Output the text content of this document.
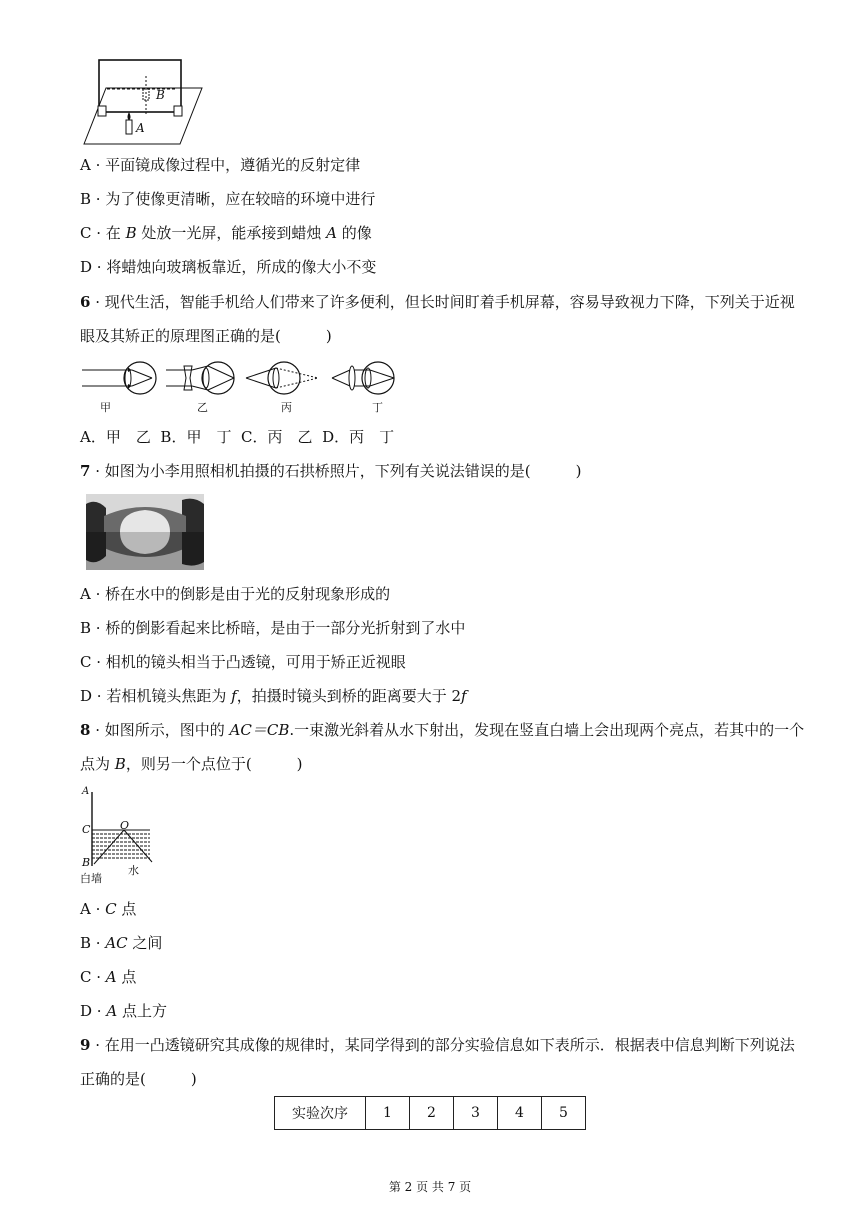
B
A
A · 平面镜成像过程中，遵循光的反射定律
B · 为了使像更清晰，应在较暗的环境中进行
C · 在 B 处放一光屏，能承接到蜡烛 A 的像
D · 将蜡烛向玻璃板靠近，所成的像大小不变
6 · 现代生活，智能手机给人们带来了许多便利，但长时间盯着手机屏幕，容易导致视力下降，下列关于近视
眼及其矫正的原理图正确的是(　　　)
甲	乙	丙	丁
A．甲　乙 B．甲　丁 C．丙　乙 D．丙　丁
7 · 如图为小李用照相机拍摄的石拱桥照片，下列有关说法错误的是(　　　)
A · 桥在水中的倒影是由于光的反射现象形成的
B · 桥的倒影看起来比桥暗，是由于一部分光折射到了水中
C · 相机的镜头相当于凸透镜，可用于矫正近视眼
D · 若相机镜头焦距为 f，拍摄时镜头到桥的距离要大于 2f
8 · 如图所示，图中的 AC＝CB.一束激光斜着从水下射出，发现在竖直白墙上会出现两个亮点，若其中的一个
点为 B，则另一个点位于(　　　)
A
C	O
B
白墙
水
A · C 点
B · AC 之间
C · A 点
D · A 点上方
9 · 在用一凸透镜研究其成像的规律时，某同学得到的部分实验信息如下表所示．根据表中信息判断下列说法
正确的是(　　　)
实验次序	1	2	3	4	5
第 2 页 共 7 页
